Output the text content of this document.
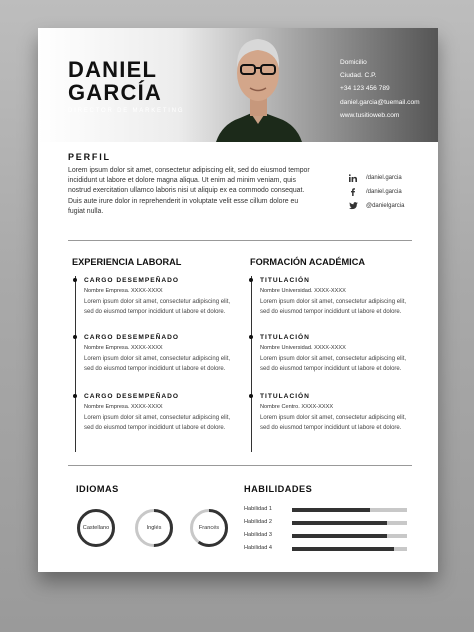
DANIEL
GARCÍA
DIRECTOR DE MARKETING
Domicilio
Ciudad. C.P.
+34 123 456 789
daniel.garcia@tuemail.com
www.tusitioweb.com
PERFIL
Lorem ipsum dolor sit amet, consectetur adipiscing elit, sed do eiusmod tempor incididunt ut labore et dolore magna aliqua. Ut enim ad minim veniam, quis nostrud exercitation ullamco laboris nisi ut aliquip ex ea commodo consequat. Duis aute irure dolor in reprehenderit in voluptate velit esse cillum dolore eu fugiat nulla.
/daniel.garcia
/daniel.garcia
@danielgarcia
EXPERIENCIA LABORAL
CARGO DESEMPEÑADO
Nombre Empresa. XXXX-XXXX
Lorem ipsum dolor sit amet, consectetur adipiscing elit, sed do eiusmod tempor incididunt ut labore et dolore.
CARGO DESEMPEÑADO
Nombre Empresa. XXXX-XXXX
Lorem ipsum dolor sit amet, consectetur adipiscing elit, sed do eiusmod tempor incididunt ut labore et dolore.
CARGO DESEMPEÑADO
Nombre Empresa. XXXX-XXXX
Lorem ipsum dolor sit amet, consectetur adipiscing elit, sed do eiusmod tempor incididunt ut labore et dolore.
FORMACIÓN ACADÉMICA
TITULACIÓN
Nombre Universidad. XXXX-XXXX
Lorem ipsum dolor sit amet, consectetur adipiscing elit, sed do eiusmod tempor incididunt ut labore et dolore.
TITULACIÓN
Nombre Universidad. XXXX-XXXX
Lorem ipsum dolor sit amet, consectetur adipiscing elit, sed do eiusmod tempor incididunt ut labore et dolore.
TITULACIÓN
Nombre Centro. XXXX-XXXX
Lorem ipsum dolor sit amet, consectetur adipiscing elit, sed do eiusmod tempor incididunt ut labore et dolore.
IDIOMAS
Castellano	Inglés	Francés
HABILIDADES
Habilidad 1
Habilidad 2
Habilidad 3
Habilidad 4
